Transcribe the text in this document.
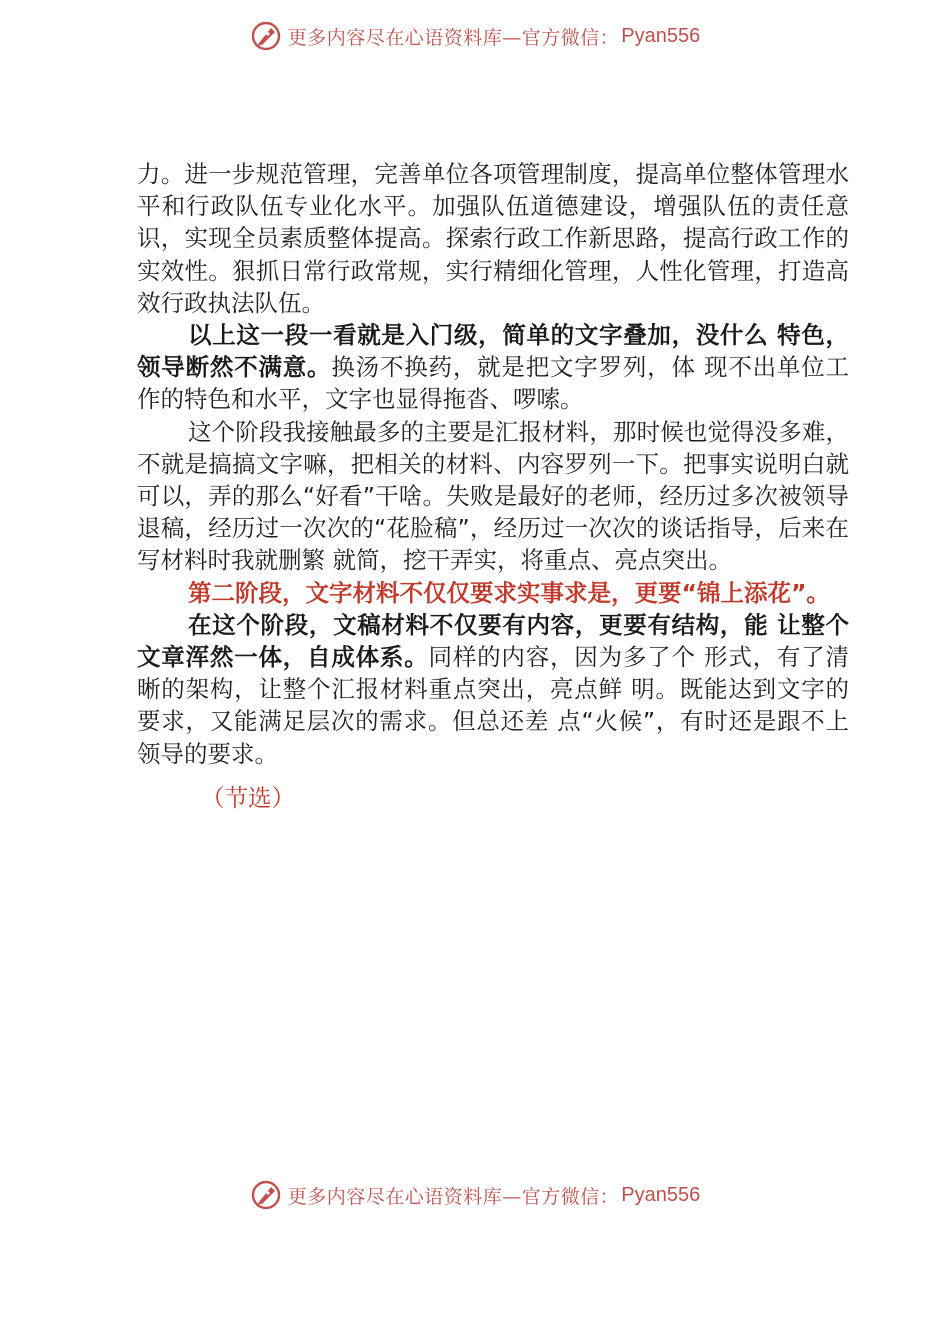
更多内容尽在心语资料库—官方微信： Pyan556

力。进一步规范管理，完善单位各项管理制度，提高单位整体管理水平和行政队伍专业化水平。加强队伍道德建设，增强队伍的责任意识，实现全员素质整体提高。探索行政工作新思路，提高行政工作的实效性。狠抓日常行政常规，实行精细化管理，人性化管理，打造高效行政执法队伍。

以上这一段一看就是入门级，简单的文字叠加，没什么 特色，领导断然不满意。换汤不换药，就是把文字罗列，体 现不出单位工作的特色和水平，文字也显得拖沓、啰嗦。

这个阶段我接触最多的主要是汇报材料，那时候也觉得没多难，不就是搞搞文字嘛，把相关的材料、内容罗列一下。把事实说明白就可以，弄的那么“好看”干啥。失败是最好的老师，经历过多次被领导退稿，经历过一次次的“花脸稿”，经历过一次次的谈话指导，后来在写材料时我就删繁 就简，挖干弄实，将重点、亮点突出。

第二阶段，文字材料不仅仅要求实事求是，更要“锦上添花”。

在这个阶段，文稿材料不仅要有内容，更要有结构，能 让整个文章浑然一体，自成体系。同样的内容，因为多了个 形式，有了清晰的架构，让整个汇报材料重点突出，亮点鲜 明。既能达到文字的要求，又能满足层次的需求。但总还差 点“火候”，有时还是跟不上领导的要求。

（节选）

更多内容尽在心语资料库—官方微信： Pyan556
